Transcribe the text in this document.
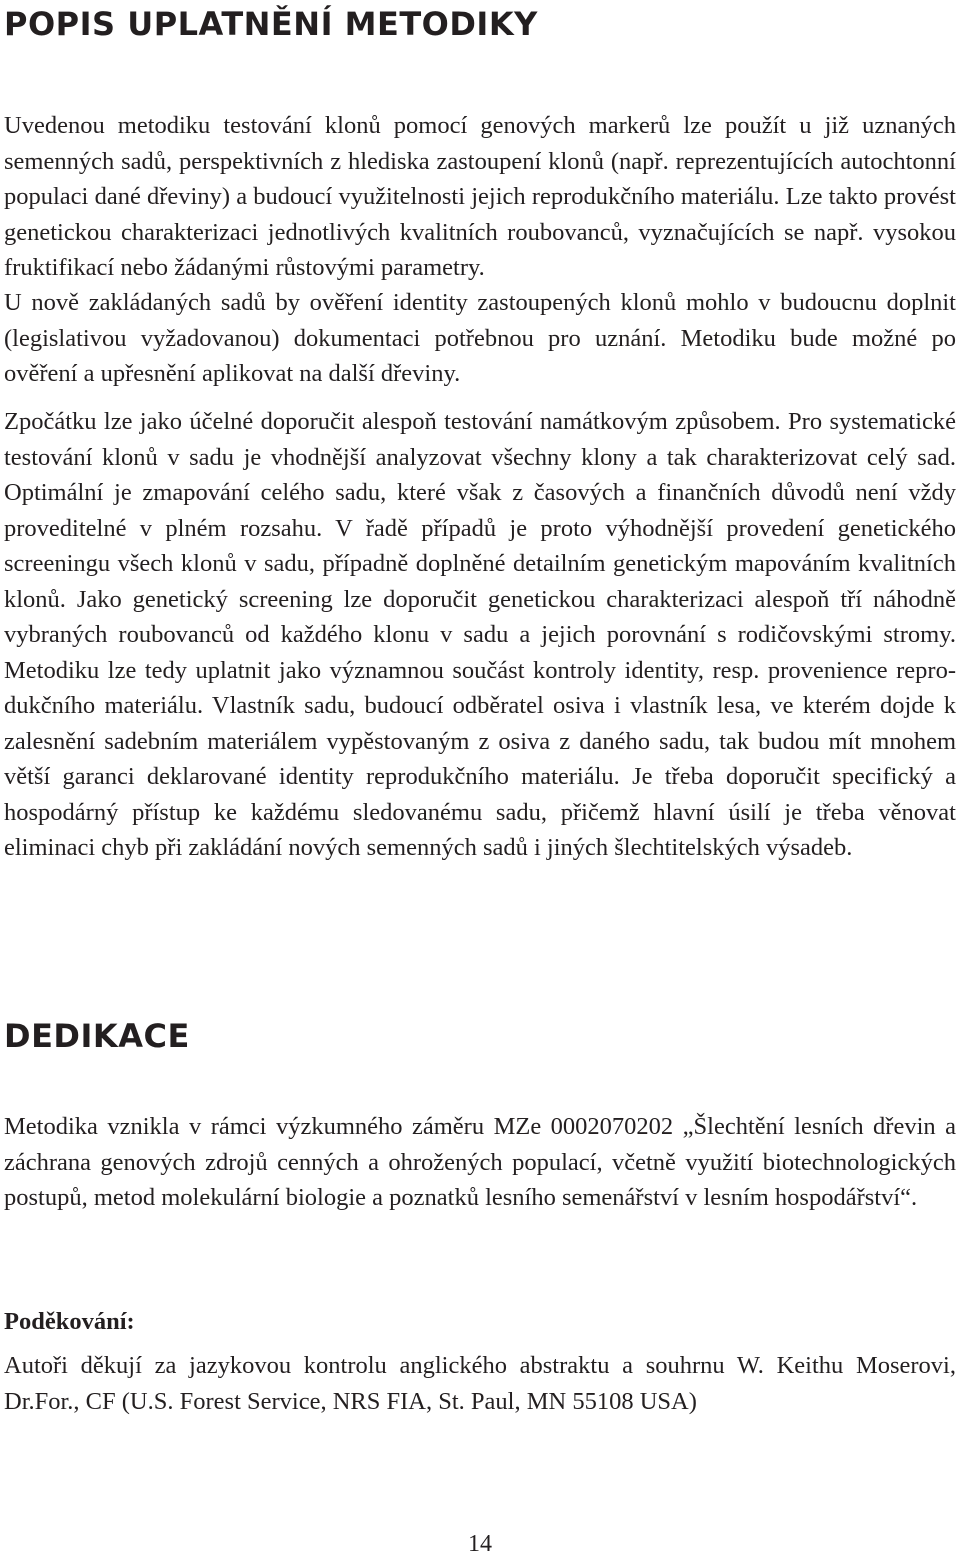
POPIS UPLATNĚNÍ METODIKY

Uvedenou metodiku testování klonů pomocí genových markerů lze použít u již uznaných semenných sadů, perspektivních z hlediska zastoupení klonů (např. reprezentujících autochtonní populaci dané dřeviny) a budoucí využitelnosti jejich reprodukčního materiálu. Lze takto provést genetickou charakterizaci jednotlivých kvalitních roubovanců, vyznačujících se např. vysokou fruktifikací nebo žádanými růstovými parametry.

U nově zakládaných sadů by ověření identity zastoupených klonů mohlo v budoucnu doplnit (legislativou vyžadovanou) dokumentaci potřebnou pro uznání. Metodiku bude možné po ověření a upřesnění aplikovat na další dřeviny.

Zpočátku lze jako účelné doporučit alespoň testování namátkovým způsobem. Pro systematické testování klonů v sadu je vhodnější analyzovat všechny klony a tak charakterizovat celý sad. Optimální je zmapování celého sadu, které však z časových a finančních důvodů není vždy proveditelné v plném rozsahu. V řadě případů je proto výhodnější provedení genetického screeningu všech klonů v sadu, případně doplněné detailním genetickým mapováním kvalitních klonů. Jako genetický screening lze doporučit genetickou charakterizaci alespoň tří náhodně vybraných roubovanců od každého klonu v sadu a jejich porovnání s rodičovskými stromy. Metodiku lze tedy uplatnit jako významnou součást kontroly identity, resp. provenience reprodukčního materiálu. Vlastník sadu, budoucí odběratel osiva i vlastník lesa, ve kterém dojde k zalesnění sadebním materiálem vypěstovaným z osiva z daného sadu, tak budou mít mnohem větší garanci deklarované identity reprodukčního materiálu. Je třeba doporučit specifický a hospodárný přístup ke každému sledovanému sadu, přičemž hlavní úsilí je třeba věnovat eliminaci chyb při zakládání nových semenných sadů i jiných šlechtitelských výsadeb.

DEDIKACE

Metodika vznikla v rámci výzkumného záměru MZe 0002070202 „Šlechtění lesních dřevin a záchrana genových zdrojů cenných a ohrožených populací, včetně využití biotechnologických postupů, metod molekulární biologie a poznatků lesního semenářství v lesním hospodářství“.

Poděkování:

Autoři děkují za jazykovou kontrolu anglického abstraktu a souhrnu W. Keithu Moserovi, Dr.For., CF (U.S. Forest Service, NRS FIA, St. Paul, MN 55108 USA)

14
